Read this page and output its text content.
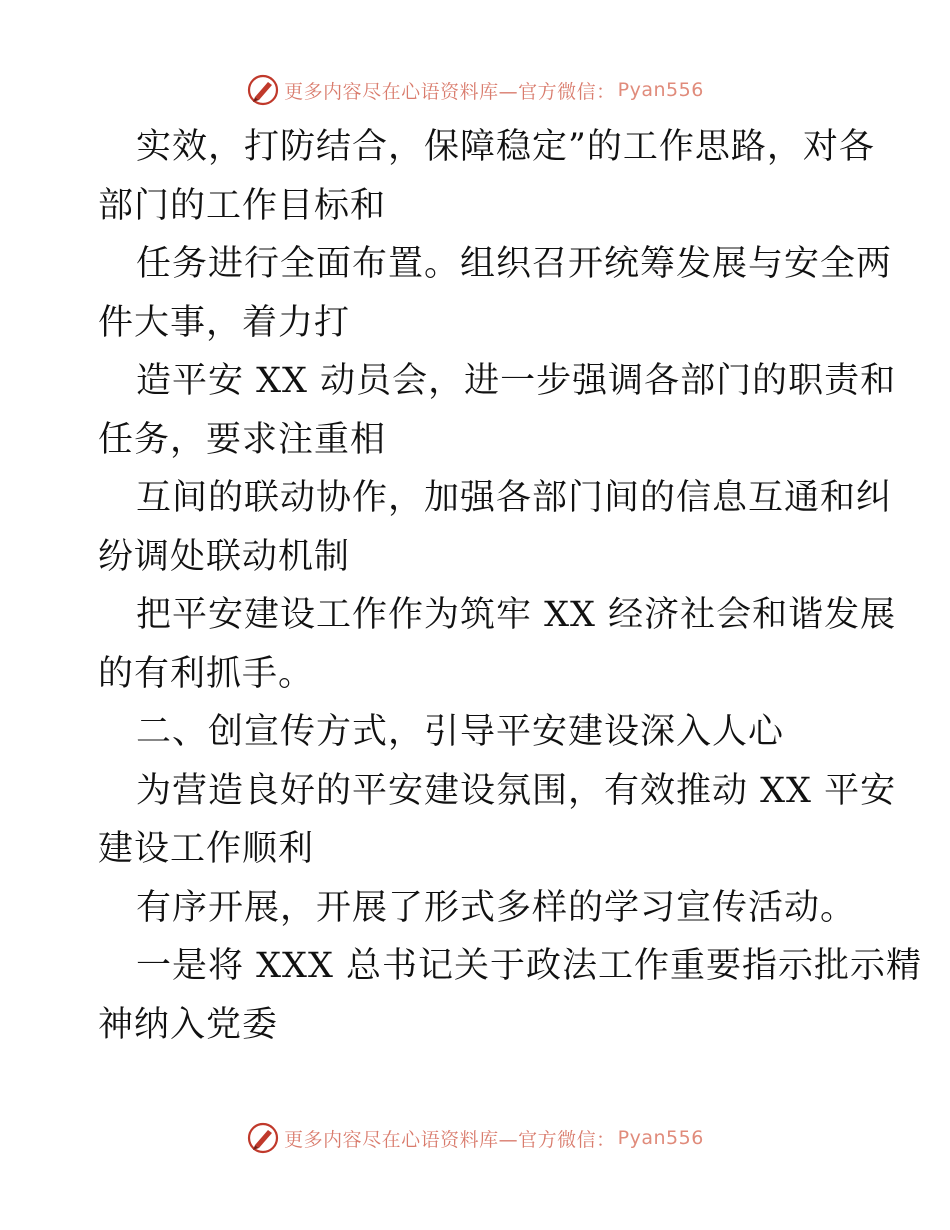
更多内容尽在心语资料库—官方微信： Pyan556
实效，打防结合，保障稳定”的工作思路，对各
部门的工作目标和
任务进行全面布置。组织召开统筹发展与安全两
件大事，着力打
造平安 XX 动员会，进一步强调各部门的职责和
任务，要求注重相
互间的联动协作，加强各部门间的信息互通和纠
纷调处联动机制
把平安建设工作作为筑牢 XX 经济社会和谐发展
的有利抓手。
二、创宣传方式，引导平安建设深入人心
为营造良好的平安建设氛围，有效推动 XX 平安
建设工作顺利
有序开展，开展了形式多样的学习宣传活动。
一是将 XXX 总书记关于政法工作重要指示批示精
神纳入党委
更多内容尽在心语资料库—官方微信： Pyan556
